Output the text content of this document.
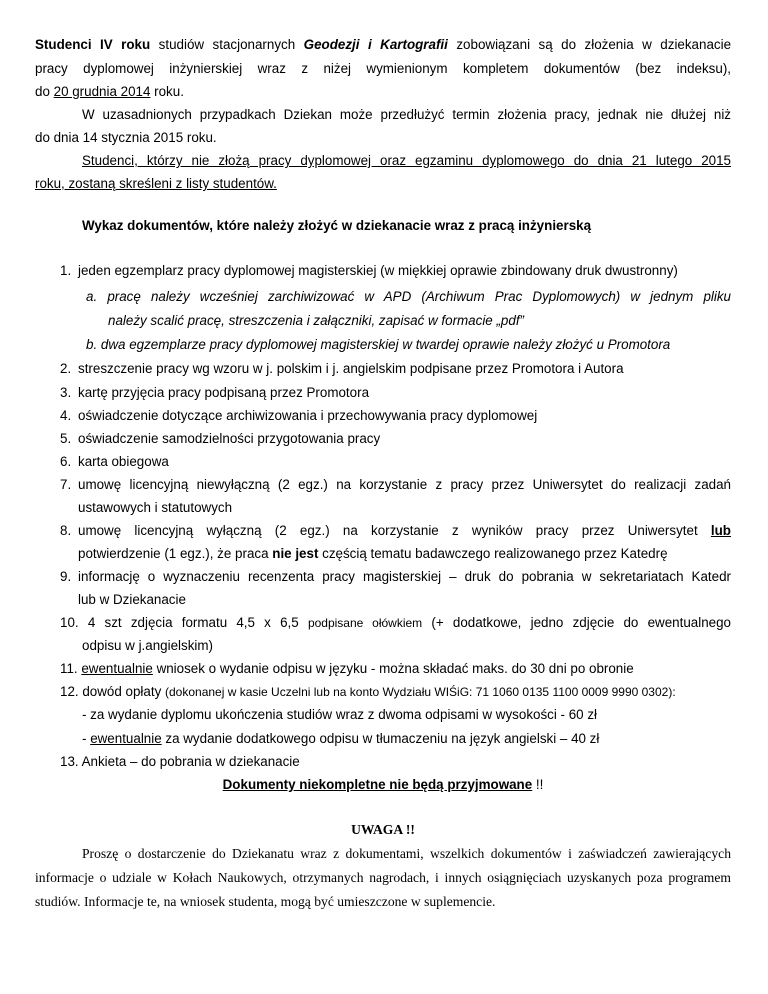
Studenci IV roku studiów stacjonarnych Geodezji i Kartografii zobowiązani są do złożenia w dziekanacie
pracy dyplomowej inżynierskiej wraz z niżej wymienionym kompletem dokumentów (bez indeksu),
do 20 grudnia 2014 roku.
W uzasadnionych przypadkach Dziekan może przedłużyć termin złożenia pracy, jednak nie dłużej niż
do dnia 14 stycznia 2015 roku.
Studenci, którzy nie złożą pracy dyplomowej oraz egzaminu dyplomowego do dnia 21 lutego 2015
roku, zostaną skreśleni z listy studentów.
Wykaz dokumentów, które należy złożyć w dziekanacie wraz z pracą inżynierską
1. jeden egzemplarz pracy dyplomowej magisterskiej (w miękkiej oprawie zbindowany druk dwustronny)
a. pracę należy wcześniej zarchiwizować w APD (Archiwum Prac Dyplomowych) w jednym pliku
należy scalić pracę, streszczenia i załączniki, zapisać w formacie „pdf”
b. dwa egzemplarze pracy dyplomowej magisterskiej w twardej oprawie należy złożyć u Promotora
2. streszczenie pracy wg wzoru w j. polskim i j. angielskim podpisane przez Promotora i Autora
3. kartę przyjęcia pracy podpisaną przez Promotora
4. oświadczenie dotyczące archiwizowania i przechowywania pracy dyplomowej
5. oświadczenie samodzielności przygotowania pracy
6. karta obiegowa
7. umowę licencyjną niewyłączną (2 egz.) na korzystanie z pracy przez Uniwersytet do realizacji zadań
ustawowych i statutowych
8. umowę licencyjną wyłączną (2 egz.) na korzystanie z wyników pracy przez Uniwersytet lub
potwierdzenie (1 egz.), że praca nie jest częścią tematu badawczego realizowanego przez Katedrę
9. informację o wyznaczeniu recenzenta pracy magisterskiej – druk do pobrania w sekretariatach Katedr
lub w Dziekanacie
10. 4 szt zdjęcia formatu 4,5 x 6,5 podpisane ołówkiem (+ dodatkowe, jedno zdjęcie do ewentualnego
odpisu w j.angielskim)
11. ewentualnie wniosek o wydanie odpisu w języku - można składać maks. do 30 dni po obronie
12. dowód opłaty (dokonanej w kasie Uczelni lub na konto Wydziału WIŚiG: 71 1060 0135 1100 0009 9990 0302):
- za wydanie dyplomu ukończenia studiów wraz z dwoma odpisami w wysokości - 60 zł
- ewentualnie za wydanie dodatkowego odpisu w tłumaczeniu na język angielski – 40 zł
13. Ankieta – do pobrania w dziekanacie
Dokumenty niekompletne nie będą przyjmowane !!
UWAGA !!
Proszę o dostarczenie do Dziekanatu wraz z dokumentami, wszelkich dokumentów i zaświadczeń zawierających
informacje o udziale w Kołach Naukowych, otrzymanych nagrodach, i innych osiągnięciach uzyskanych poza programem
studiów. Informacje te, na wniosek studenta, mogą być umieszczone w suplemencie.
